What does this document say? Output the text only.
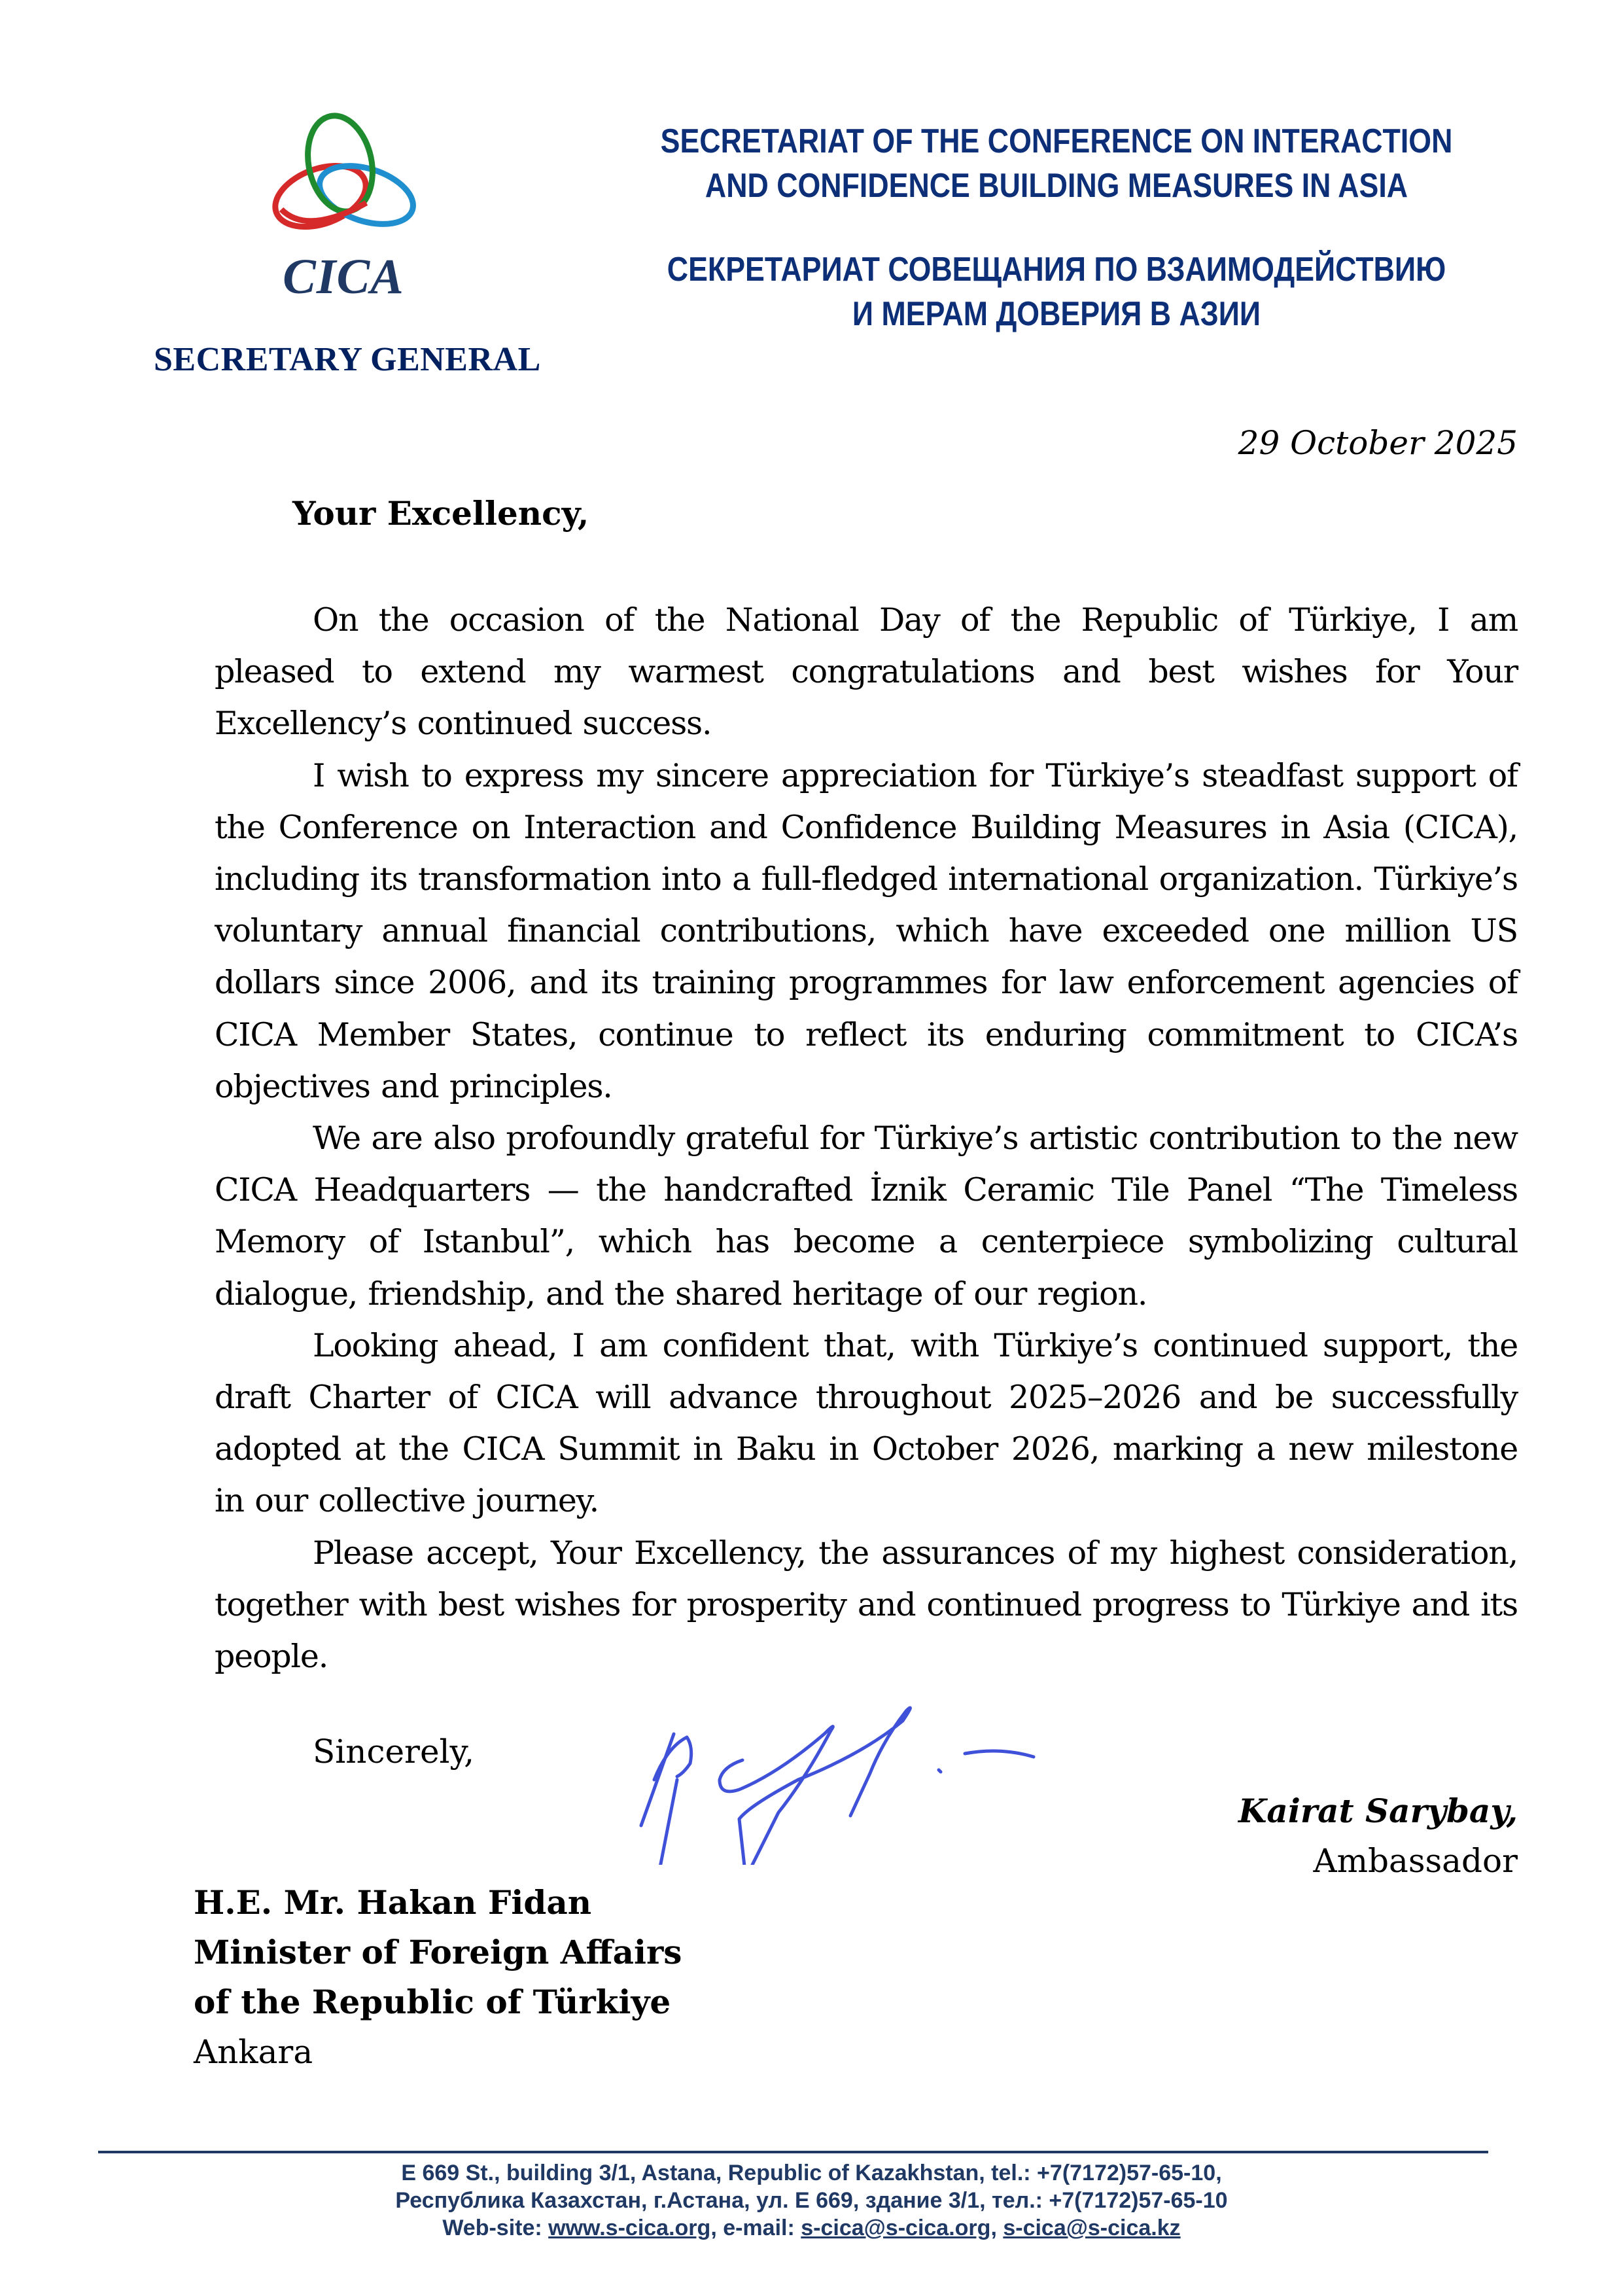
CICA
SECRETARY GENERAL
SECRETARIAT OF THE CONFERENCE ON INTERACTION
AND CONFIDENCE BUILDING MEASURES IN ASIA
СЕКРЕТАРИАТ СОВЕЩАНИЯ ПО ВЗАИМОДЕЙСТВИЮ
И МЕРАМ ДОВЕРИЯ В АЗИИ
29 October 2025
Your Excellency,

On the occasion of the National Day of the Republic of Türkiye, I am pleased to extend my warmest congratulations and best wishes for Your Excellency’s continued success.

I wish to express my sincere appreciation for Türkiye’s steadfast support of the Conference on Interaction and Confidence Building Measures in Asia (CICA), including its transformation into a full-fledged international organization. Türkiye’s voluntary annual financial contributions, which have exceeded one million US dollars since 2006, and its training programmes for law enforcement agencies of CICA Member States, continue to reflect its enduring commitment to CICA’s objectives and principles.

We are also profoundly grateful for Türkiye’s artistic contribution to the new CICA Headquarters — the handcrafted İznik Ceramic Tile Panel “The Timeless Memory of Istanbul”, which has become a centerpiece symbolizing cultural dialogue, friendship, and the shared heritage of our region.

Looking ahead, I am confident that, with Türkiye’s continued support, the draft Charter of CICA will advance throughout 2025–2026 and be successfully adopted at the CICA Summit in Baku in October 2026, marking a new milestone in our collective journey.

Please accept, Your Excellency, the assurances of my highest consideration, together with best wishes for prosperity and continued progress to Türkiye and its people.

Sincerely,
Kairat Sarybay,
Ambassador
H.E. Mr. Hakan Fidan
Minister of Foreign Affairs
of the Republic of Türkiye
Ankara
E 669 St., building 3/1, Astana, Republic of Kazakhstan, tel.: +7(7172)57-65-10,
Республика Казахстан, г.Астана, ул. Е 669, здание 3/1, тел.: +7(7172)57-65-10
Web-site: www.s-cica.org, e-mail: s-cica@s-cica.org, s-cica@s-cica.kz
